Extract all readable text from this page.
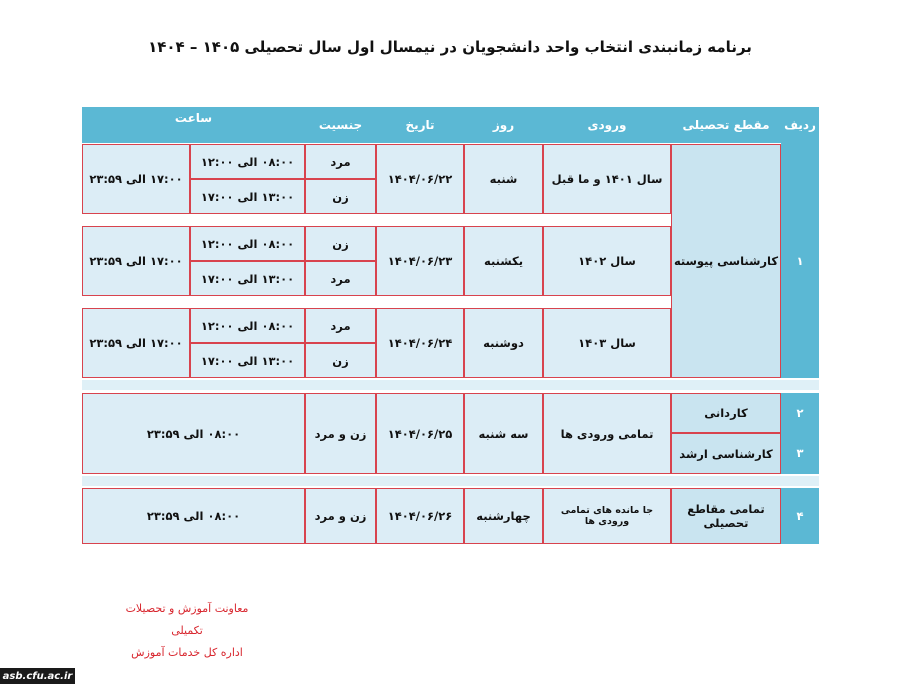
برنامه زمانبندی انتخاب واحد دانشجویان در نیمسال اول سال تحصیلی ۱۴۰۵ – ۱۴۰۴
ردیف
مقطع تحصیلی
ورودی
روز
تاریخ
جنسیت
ساعت
۱
کارشناسی پیوسته
سال ۱۴۰۱ و ما قبل
شنبه
۱۴۰۴/۰۶/۲۲
مرد
زن
۰۸:۰۰ الی ۱۲:۰۰
۱۳:۰۰ الی ۱۷:۰۰
۱۷:۰۰ الی ۲۳:۵۹
سال ۱۴۰۲
یکشنبه
۱۴۰۴/۰۶/۲۳
زن
مرد
۰۸:۰۰ الی ۱۲:۰۰
۱۳:۰۰ الی ۱۷:۰۰
۱۷:۰۰ الی ۲۳:۵۹
سال ۱۴۰۳
دوشنبه
۱۴۰۴/۰۶/۲۴
مرد
زن
۰۸:۰۰ الی ۱۲:۰۰
۱۳:۰۰ الی ۱۷:۰۰
۱۷:۰۰ الی ۲۳:۵۹
۲
۳
کاردانی
کارشناسی ارشد
تمامی ورودی ها
سه شنبه
۱۴۰۴/۰۶/۲۵
زن و مرد
۰۸:۰۰ الی ۲۳:۵۹
۴
تمامی مقاطع تحصیلی
جا مانده های تمامی ورودی ها
چهارشنبه
۱۴۰۴/۰۶/۲۶
زن و مرد
۰۸:۰۰ الی ۲۳:۵۹
معاونت آموزش و تحصیلات تکمیلی
اداره کل خدمات آموزش
asb.cfu.ac.ir
